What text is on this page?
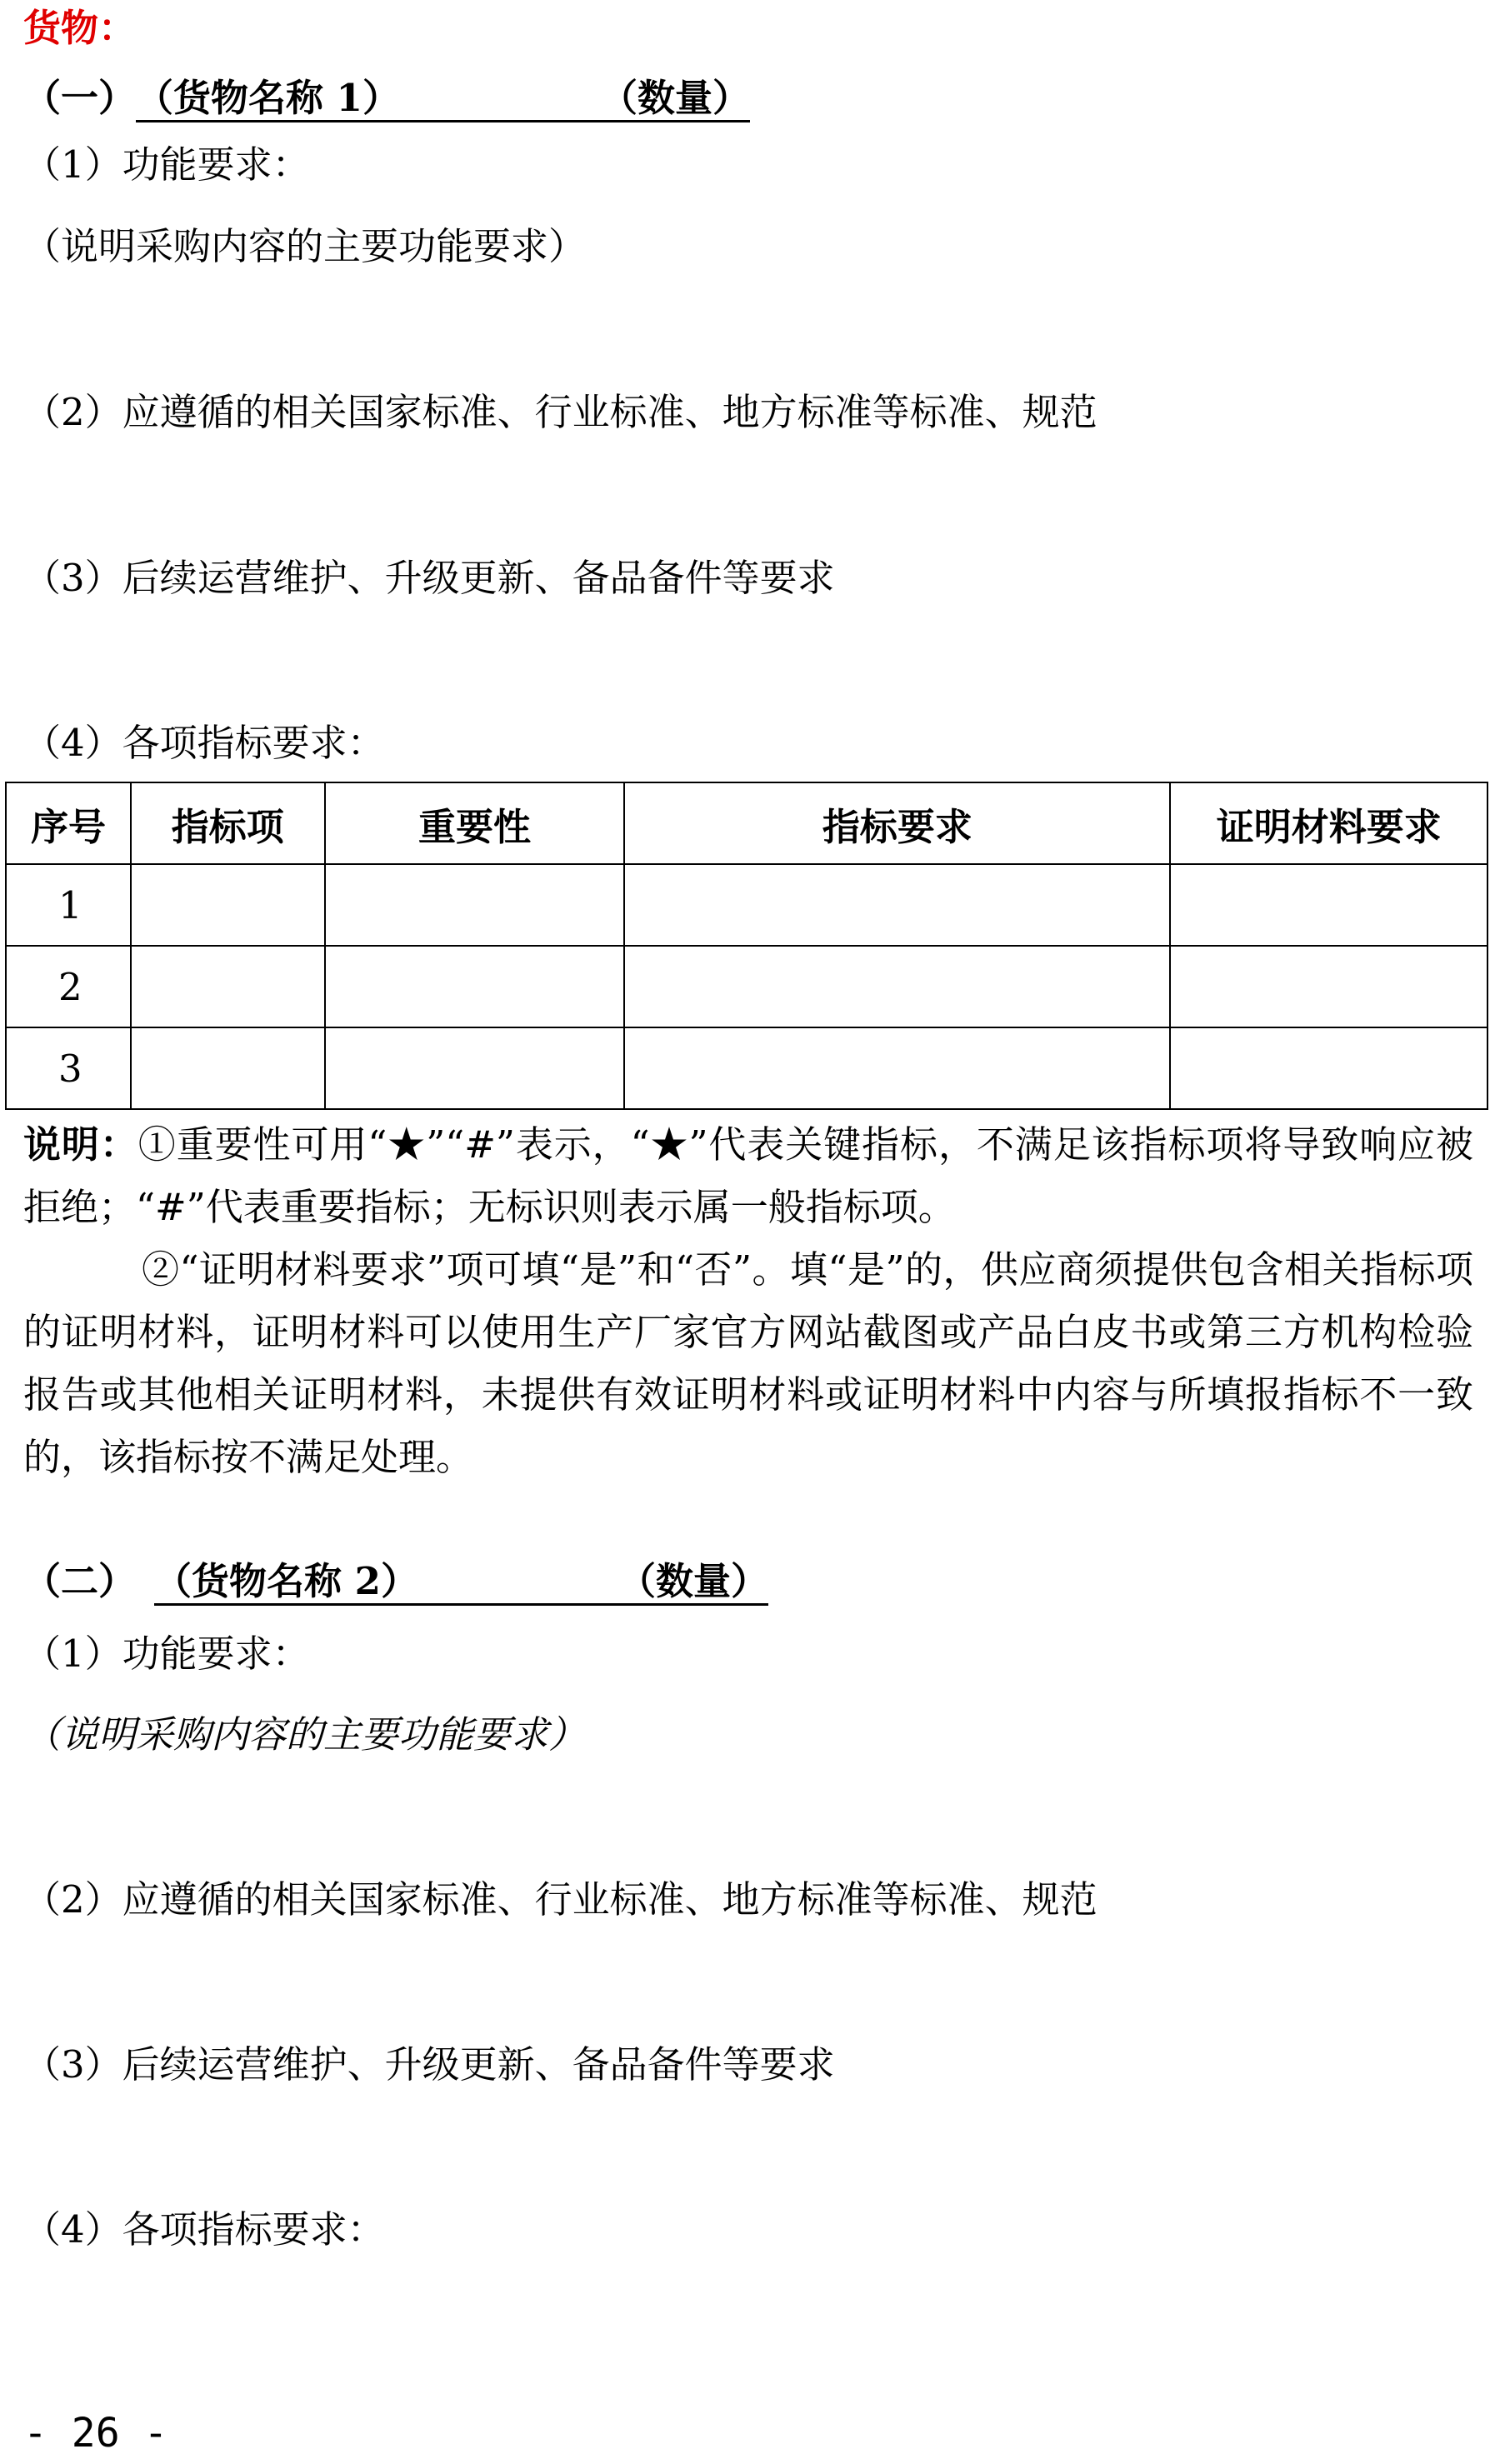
货物：
（一）（货物名称 1）	（数量）
（1）功能要求：
（说明采购内容的主要功能要求）
（2）应遵循的相关国家标准、行业标准、地方标准等标准、规范
（3）后续运营维护、升级更新、备品备件等要求
（4）各项指标要求：
序号	指标项	重要性	指标要求	证明材料要求
1				
2				
3				
说明：①重要性可用“★”“#”表示，“★”代表关键指标，不满足该指标项将导致响应被拒绝；“#”代表重要指标；无标识则表示属一般指标项。
②“证明材料要求”项可填“是”和“否”。填“是”的，供应商须提供包含相关指标项的证明材料，证明材料可以使用生产厂家官方网站截图或产品白皮书或第三方机构检验报告或其他相关证明材料，未提供有效证明材料或证明材料中内容与所填报指标不一致的，该指标按不满足处理。
（二） （货物名称 2）	（数量）
（1）功能要求：
（说明采购内容的主要功能要求）
（2）应遵循的相关国家标准、行业标准、地方标准等标准、规范
（3）后续运营维护、升级更新、备品备件等要求
（4）各项指标要求：
- 26 -
